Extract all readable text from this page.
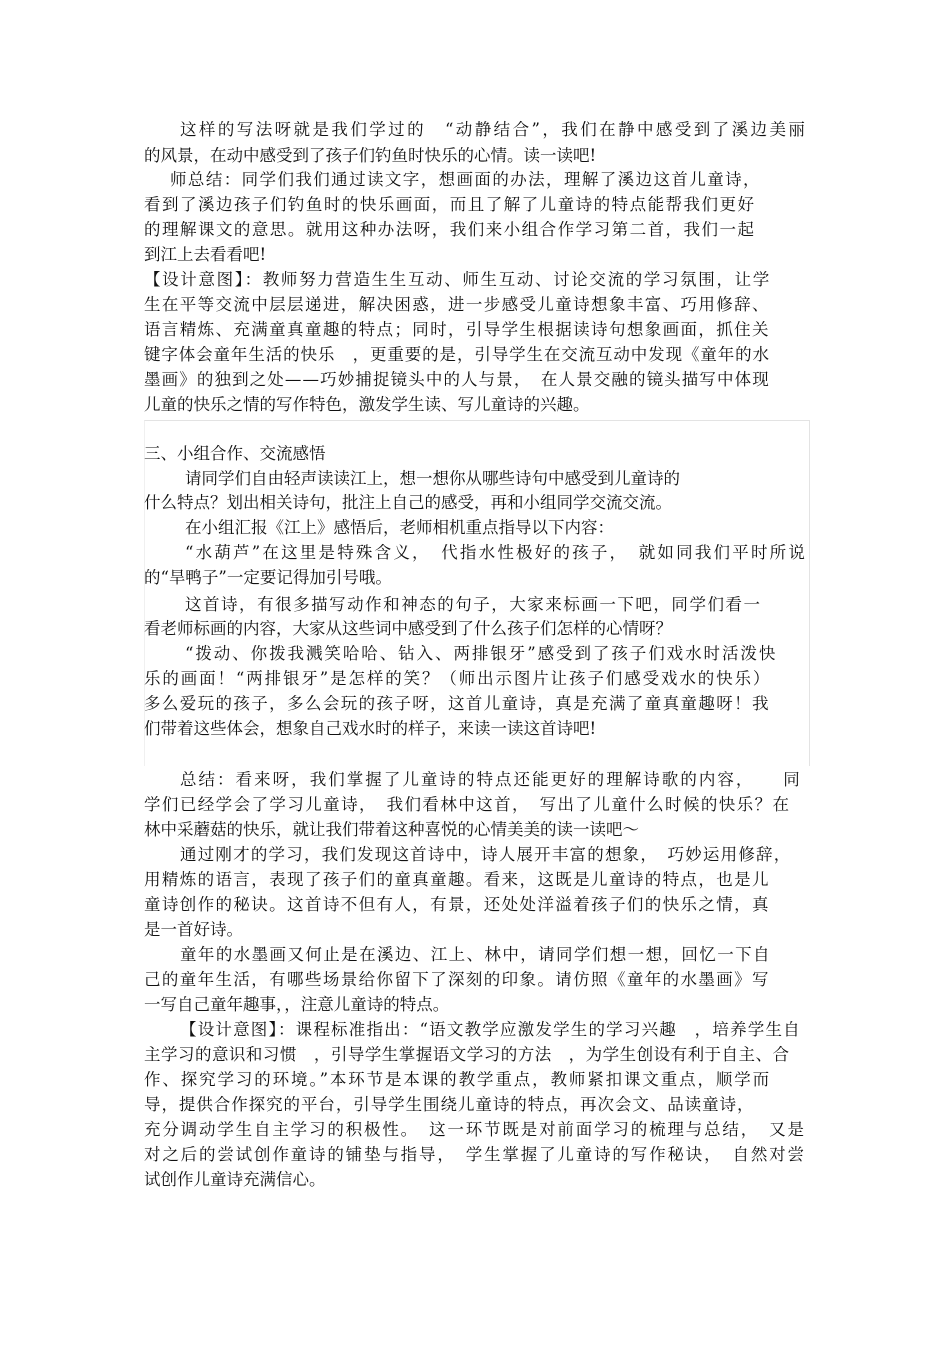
这样的写法呀就是我们学过的　“动静结合”，我们在静中感受到了溪边美丽
的风景，在动中感受到了孩子们钓鱼时快乐的心情。读一读吧!
师总结：同学们我们通过读文字，想画面的办法，理解了溪边这首儿童诗，
看到了溪边孩子们钓鱼时的快乐画面，而且了解了儿童诗的特点能帮我们更好
的理解课文的意思。就用这种办法呀，我们来小组合作学习第二首，我们一起
到江上去看看吧!
【设计意图】：教师努力营造生生互动、师生互动、讨论交流的学习氛围，让学
生在平等交流中层层递进，解决困惑，进一步感受儿童诗想象丰富、巧用修辞、
语言精炼、充满童真童趣的特点；同时，引导学生根据读诗句想象画面，抓住关
键字体会童年生活的快乐　，更重要的是，引导学生在交流互动中发现《童年的水
墨画》的独到之处——巧妙捕捉镜头中的人与景，　在人景交融的镜头描写中体现
儿童的快乐之情的写作特色，激发学生读、写儿童诗的兴趣。
三、小组合作、交流感悟
请同学们自由轻声读读江上，想一想你从哪些诗句中感受到儿童诗的
什么特点？划出相关诗句，批注上自己的感受，再和小组同学交流交流。
在小组汇报《江上》感悟后，老师相机重点指导以下内容：
“水葫芦”在这里是特殊含义，　代指水性极好的孩子，　就如同我们平时所说
的“旱鸭子”一定要记得加引号哦。
这首诗，有很多描写动作和神态的句子，大家来标画一下吧，同学们看一
看老师标画的内容，大家从这些词中感受到了什么孩子们怎样的心情呀？
“拨动、你拨我溅笑哈哈、钻入、两排银牙”感受到了孩子们戏水时活泼快
乐的画面！“两排银牙”是怎样的笑？（师出示图片让孩子们感受戏水的快乐）
多么爱玩的孩子，多么会玩的孩子呀，这首儿童诗，真是充满了童真童趣呀！我
们带着这些体会，想象自己戏水时的样子，来读一读这首诗吧!
总结：看来呀，我们掌握了儿童诗的特点还能更好的理解诗歌的内容，　　同
学们已经学会了学习儿童诗，　我们看林中这首，　写出了儿童什么时候的快乐？在
林中采蘑菇的快乐，就让我们带着这种喜悦的心情美美的读一读吧～
通过刚才的学习，我们发现这首诗中，诗人展开丰富的想象，　巧妙运用修辞，
用精炼的语言，表现了孩子们的童真童趣。看来，这既是儿童诗的特点，也是儿
童诗创作的秘诀。这首诗不但有人，有景，还处处洋溢着孩子们的快乐之情，真
是一首好诗。
童年的水墨画又何止是在溪边、江上、林中，请同学们想一想，回忆一下自
己的童年生活，有哪些场景给你留下了深刻的印象。请仿照《童年的水墨画》写
一写自己童年趣事，，注意儿童诗的特点。
【设计意图】：课程标准指出：“语文教学应激发学生的学习兴趣　，培养学生自
主学习的意识和习惯　，引导学生掌握语文学习的方法　，为学生创设有利于自主、合
作、探究学习的环境。”本环节是本课的教学重点，教师紧扣课文重点，顺学而
导，提供合作探究的平台，引导学生围绕儿童诗的特点，再次会文、品读童诗，
充分调动学生自主学习的积极性。　这一环节既是对前面学习的梳理与总结，　又是
对之后的尝试创作童诗的铺垫与指导，　学生掌握了儿童诗的写作秘诀，　自然对尝
试创作儿童诗充满信心。
